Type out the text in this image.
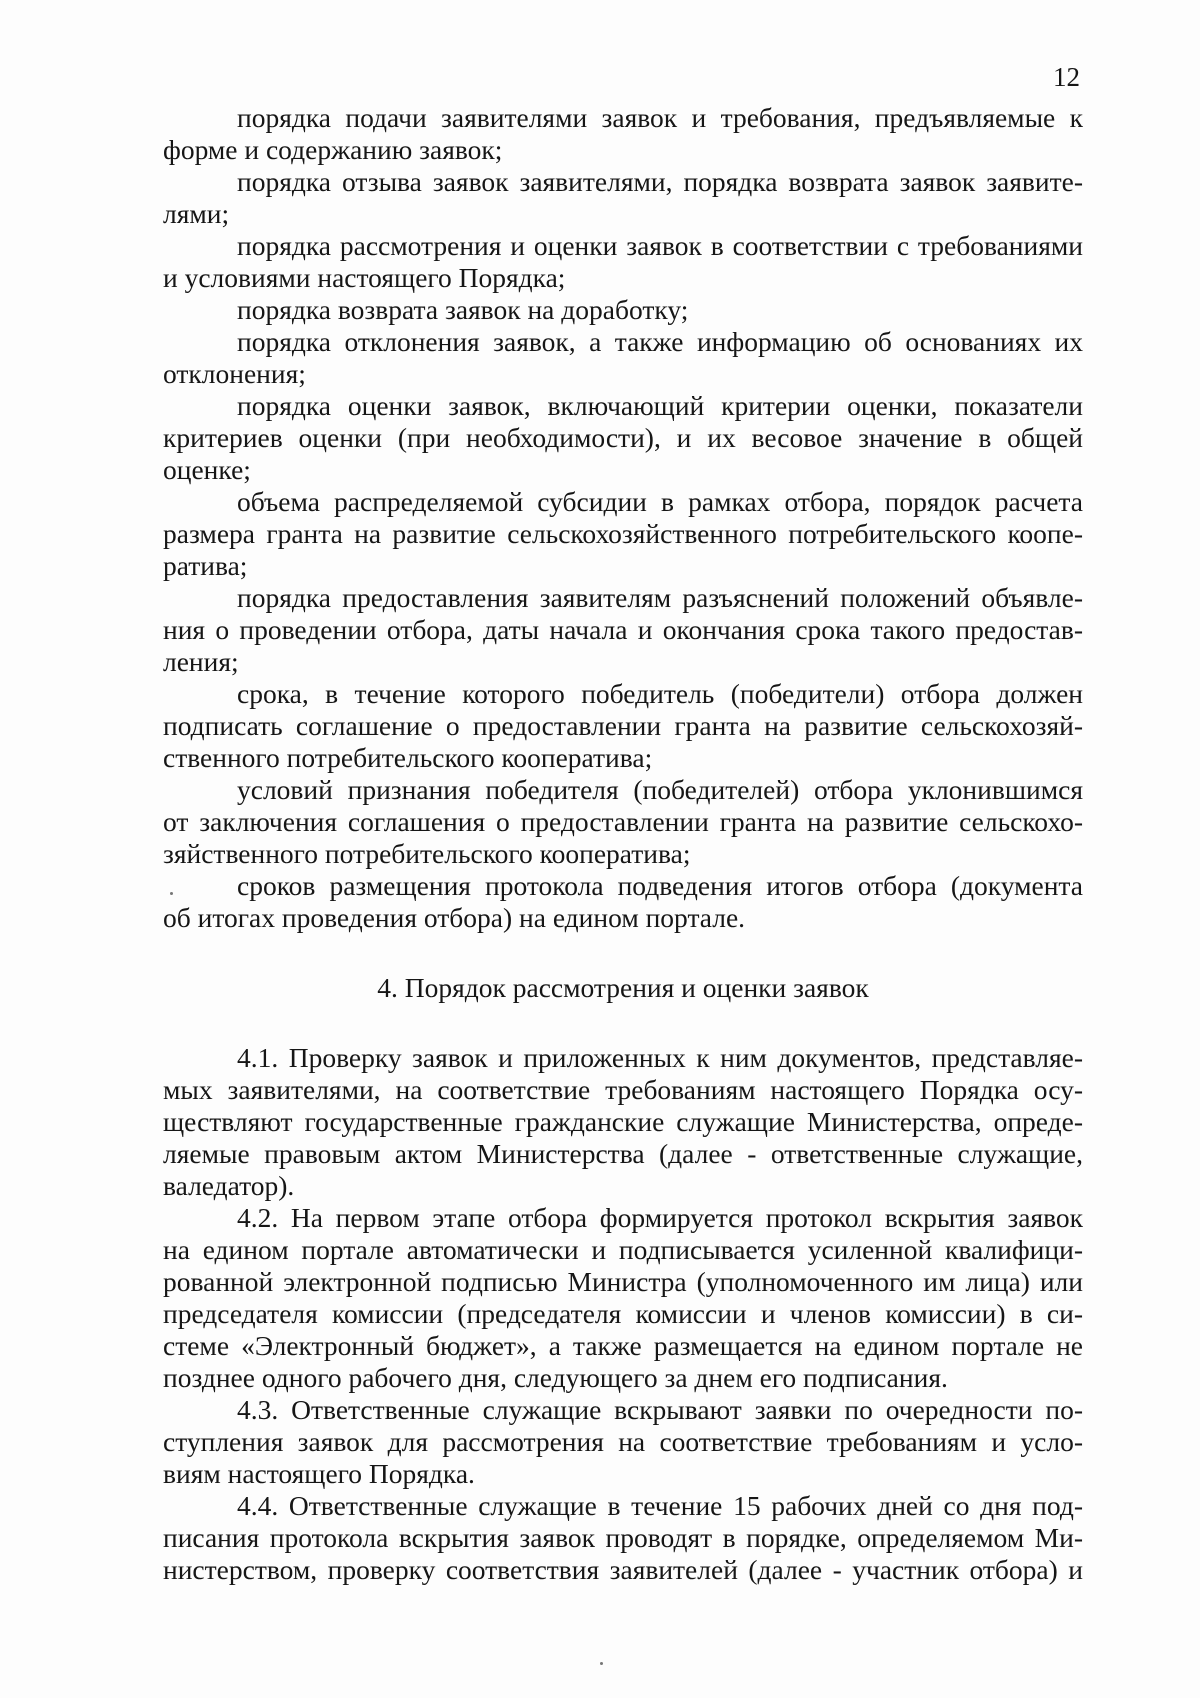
12
порядка подачи заявителями заявок и требования, предъявляемые к
форме и содержанию заявок;
порядка отзыва заявок заявителями, порядка возврата заявок заявите-
лями;
порядка рассмотрения и оценки заявок в соответствии с требованиями
и условиями настоящего Порядка;
порядка возврата заявок на доработку;
порядка отклонения заявок, а также информацию об основаниях их
отклонения;
порядка оценки заявок, включающий критерии оценки, показатели
критериев оценки (при необходимости), и их весовое значение в общей
оценке;
объема распределяемой субсидии в рамках отбора, порядок расчета
размера гранта на развитие сельскохозяйственного потребительского коопе-
ратива;
порядка предоставления заявителям разъяснений положений объявле-
ния о проведении отбора, даты начала и окончания срока такого предостав-
ления;
срока, в течение которого победитель (победители) отбора должен
подписать соглашение о предоставлении гранта на развитие сельскохозяй-
ственного потребительского кооператива;
условий признания победителя (победителей) отбора уклонившимся
от заключения соглашения о предоставлении гранта на развитие сельскохо-
зяйственного потребительского кооператива;
сроков размещения протокола подведения итогов отбора (документа
об итогах проведения отбора) на едином портале.
4. Порядок рассмотрения и оценки заявок
4.1. Проверку заявок и приложенных к ним документов, представляе-
мых заявителями, на соответствие требованиям настоящего Порядка осу-
ществляют государственные гражданские служащие Министерства, опреде-
ляемые правовым актом Министерства (далее - ответственные служащие,
валедатор).
4.2. На первом этапе отбора формируется протокол вскрытия заявок
на едином портале автоматически и подписывается усиленной квалифици-
рованной электронной подписью Министра (уполномоченного им лица) или
председателя комиссии (председателя комиссии и членов комиссии) в си-
стеме «Электронный бюджет», а также размещается на едином портале не
позднее одного рабочего дня, следующего за днем его подписания.
4.3. Ответственные служащие вскрывают заявки по очередности по-
ступления заявок для рассмотрения на соответствие требованиям и усло-
виям настоящего Порядка.
4.4. Ответственные служащие в течение 15 рабочих дней со дня под-
писания протокола вскрытия заявок проводят в порядке, определяемом Ми-
нистерством, проверку соответствия заявителей (далее - участник отбора) и
